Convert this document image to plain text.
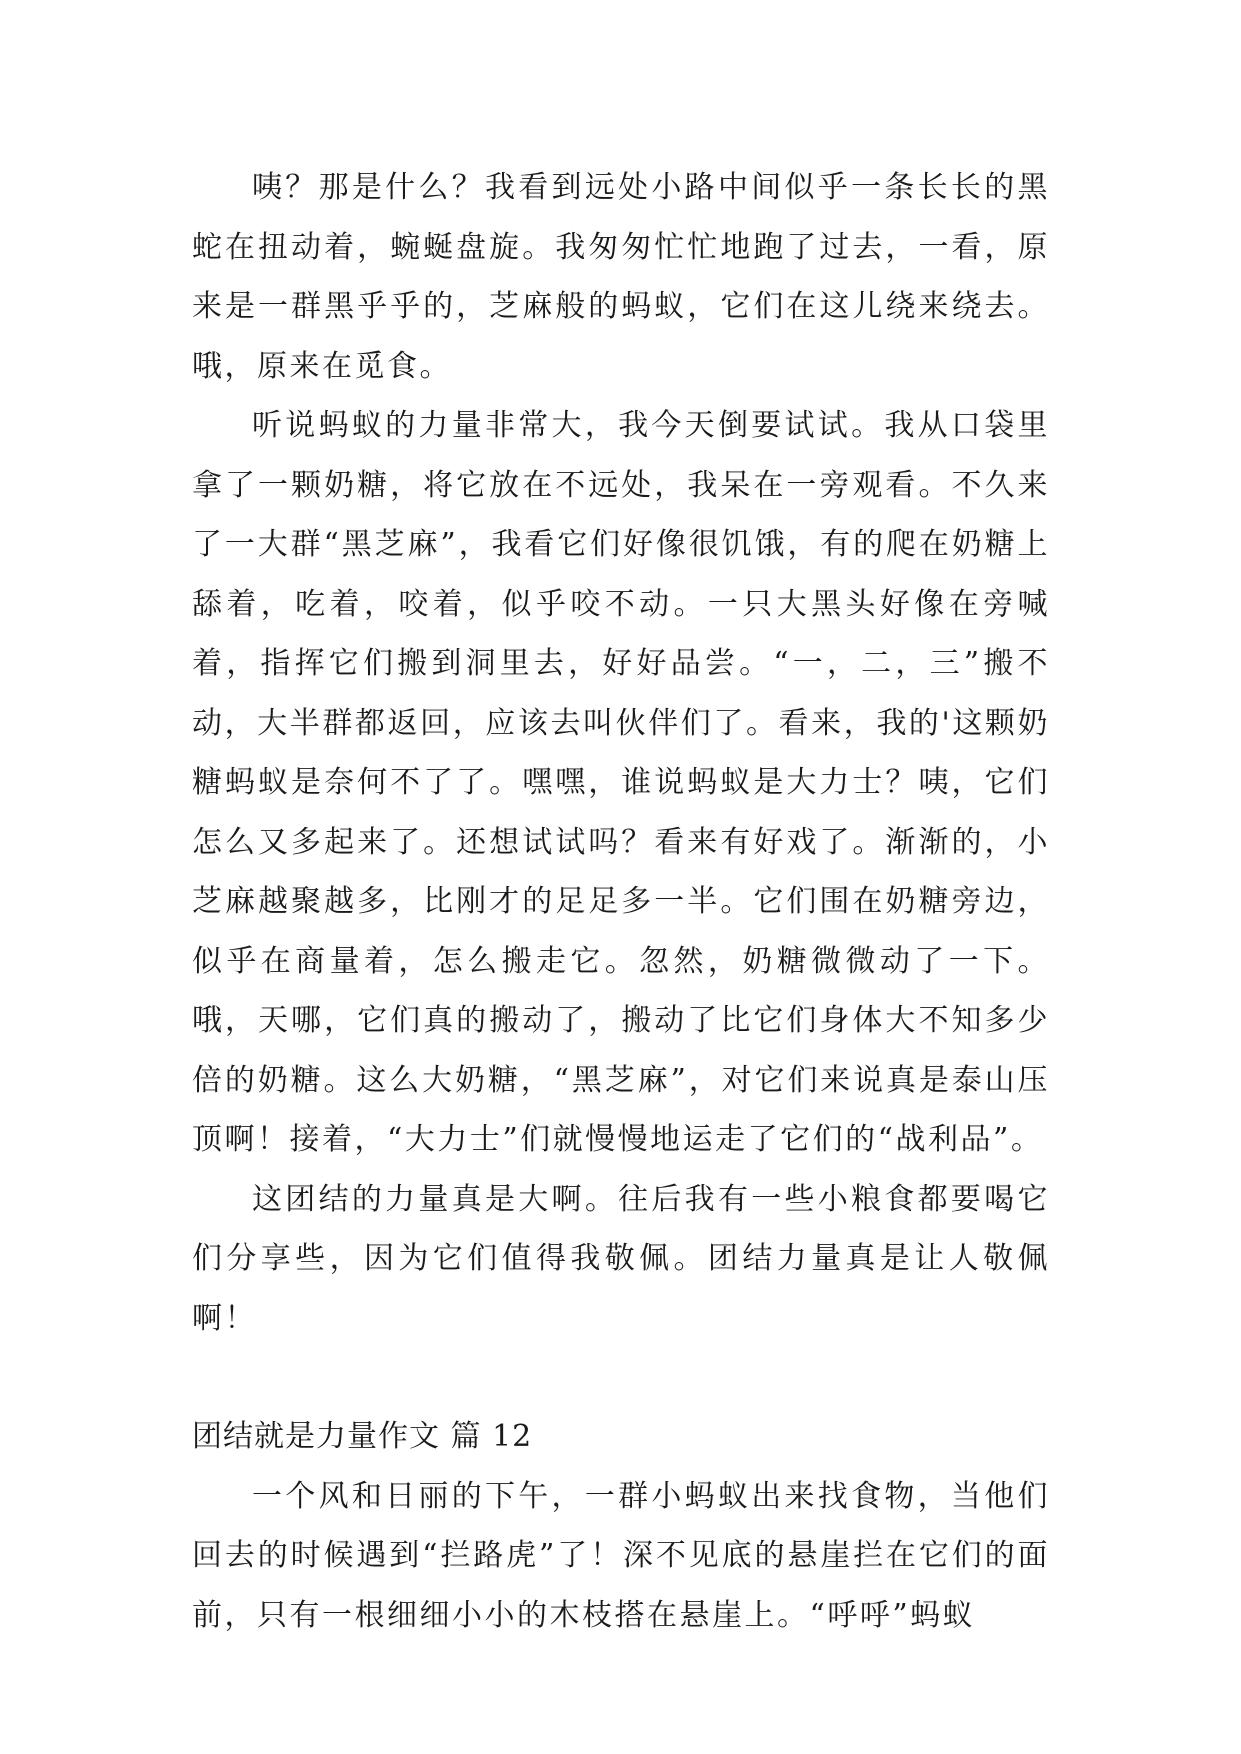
咦？那是什么？我看到远处小路中间似乎一条长长的黑蛇在扭动着，蜿蜒盘旋。我匆匆忙忙地跑了过去，一看，原来是一群黑乎乎的，芝麻般的蚂蚁，它们在这儿绕来绕去。哦，原来在觅食。

听说蚂蚁的力量非常大，我今天倒要试试。我从口袋里拿了一颗奶糖，将它放在不远处，我呆在一旁观看。不久来了一大群“黑芝麻”，我看它们好像很饥饿，有的爬在奶糖上舔着，吃着，咬着，似乎咬不动。一只大黑头好像在旁喊着，指挥它们搬到洞里去，好好品尝。“一，二，三”搬不动，大半群都返回，应该去叫伙伴们了。看来，我的'这颗奶糖蚂蚁是奈何不了了。嘿嘿，谁说蚂蚁是大力士？咦，它们怎么又多起来了。还想试试吗？看来有好戏了。渐渐的，小芝麻越聚越多，比刚才的足足多一半。它们围在奶糖旁边，似乎在商量着，怎么搬走它。忽然，奶糖微微动了一下。哦，天哪，它们真的搬动了，搬动了比它们身体大不知多少倍的奶糖。这么大奶糖，“黑芝麻”，对它们来说真是泰山压顶啊！接着，“大力士”们就慢慢地运走了它们的“战利品”。

这团结的力量真是大啊。往后我有一些小粮食都要喝它们分享些，因为它们值得我敬佩。团结力量真是让人敬佩啊！

团结就是力量作文 篇 12

一个风和日丽的下午，一群小蚂蚁出来找食物，当他们回去的时候遇到“拦路虎”了！深不见底的悬崖拦在它们的面前，只有一根细细小小的木枝搭在悬崖上。“呼呼”蚂蚁
